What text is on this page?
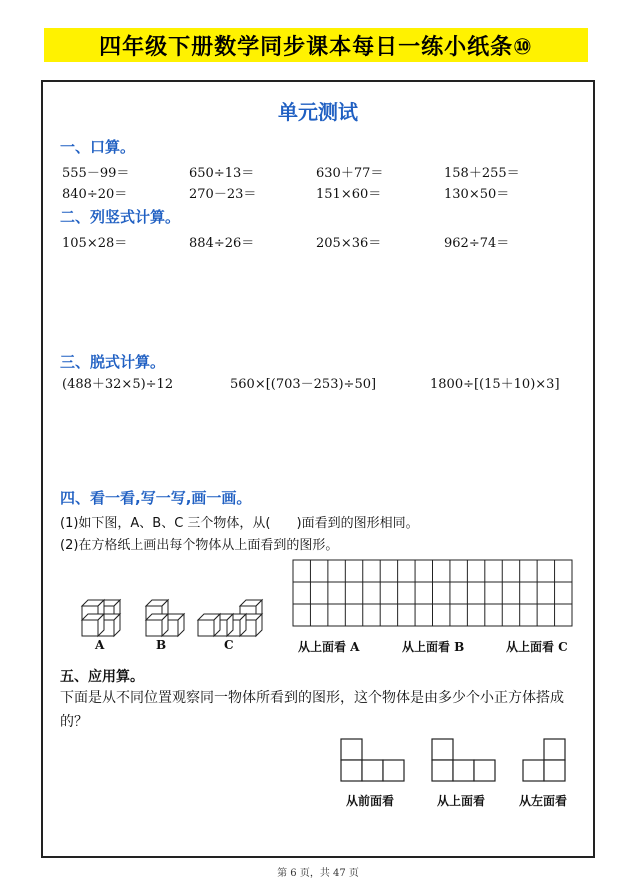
四年级下册数学同步课本每日一练小纸条⑩
单元测试
一、口算。
555－99＝	650÷13＝	630＋77＝	158＋255＝
840÷20＝	270－23＝	151×60＝	130×50＝
二、列竖式计算。
105×28＝	884÷26＝	205×36＝	962÷74＝
三、脱式计算。
(488＋32×5)÷12	560×[(703－253)÷50]	1800÷[(15＋10)×3]
四、看一看,写一写,画一画。
(1)如下图，A、B、C 三个物体，从(　　)面看到的图形相同。
(2)在方格纸上画出每个物体从上面看到的图形。
A	B	C	从上面看 A	从上面看 B	从上面看 C
五、应用算。
下面是从不同位置观察同一物体所看到的图形，这个物体是由多少个小正方体搭成的？
从前面看	从上面看	从左面看
第 6 页，共 47 页
